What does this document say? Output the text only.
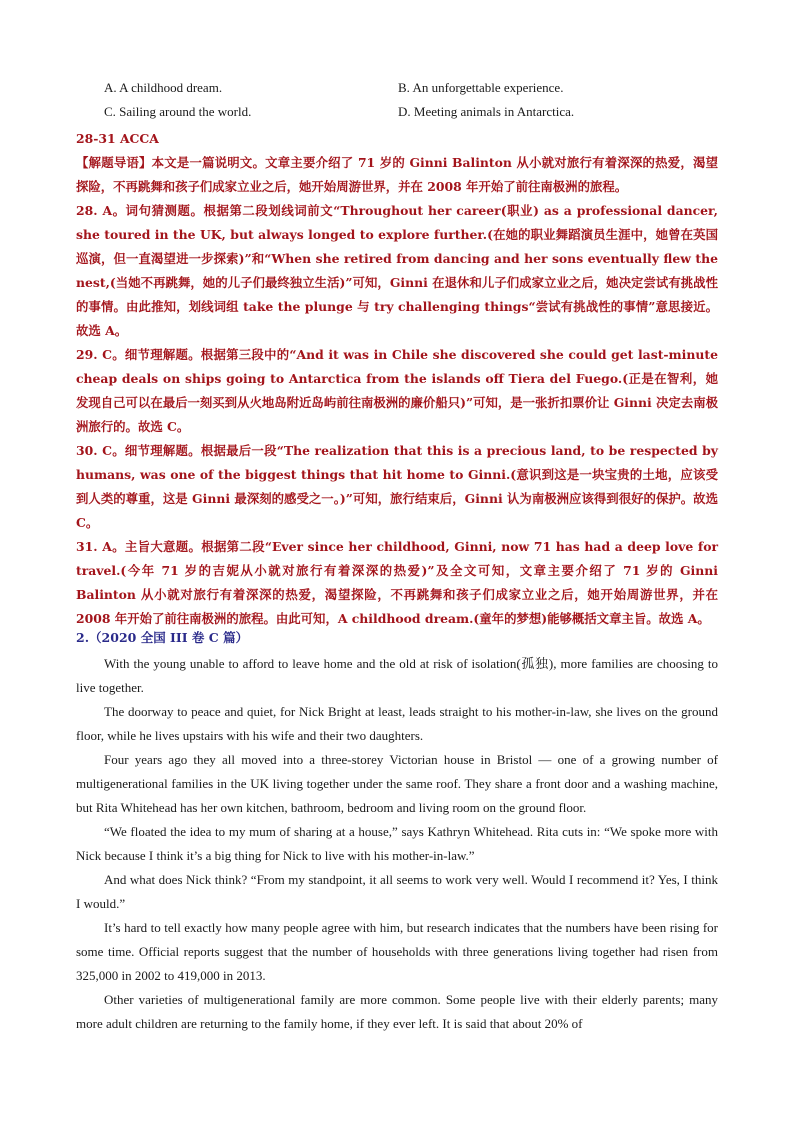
A. A childhood dream.	B. An unforgettable experience.
C. Sailing around the world.	D. Meeting animals in Antarctica.

28-31 ACCA

【解题导语】本文是一篇说明文。文章主要介绍了 71 岁的 Ginni Balinton 从小就对旅行有着深深的热爱，渴望探险，不再跳舞和孩子们成家立业之后，她开始周游世界，并在 2008 年开始了前往南极洲的旅程。

28. A。词句猜测题。根据第二段划线词前文“Throughout her career(职业) as a professional dancer, she toured in the UK, but always longed to explore further.(在她的职业舞蹈演员生涯中，她曾在英国巡演，但一直渴望进一步探索)”和“When she retired from dancing and her sons eventually flew the nest,(当她不再跳舞，她的儿子们最终独立生活)”可知，Ginni 在退休和儿子们成家立业之后，她决定尝试有挑战性的事情。由此推知，划线词组 take the plunge 与 try challenging things“尝试有挑战性的事情”意思接近。故选 A。

29. C。细节理解题。根据第三段中的“And it was in Chile she discovered she could get last-minute cheap deals on ships going to Antarctica from the islands off Tiera del Fuego.(正是在智利，她发现自己可以在最后一刻买到从火地岛附近岛屿前往南极洲的廉价船只)”可知，是一张折扣票价让 Ginni 决定去南极洲旅行的。故选 C。

30. C。细节理解题。根据最后一段“The realization that this is a precious land, to be respected by humans, was one of the biggest things that hit home to Ginni.(意识到这是一块宝贵的土地，应该受到人类的尊重，这是 Ginni 最深刻的感受之一。)”可知，旅行结束后，Ginni 认为南极洲应该得到很好的保护。故选 C。

31. A。主旨大意题。根据第二段“Ever since her childhood, Ginni, now 71 has had a deep love for travel.(今年 71 岁的吉妮从小就对旅行有着深深的热爱)”及全文可知，文章主要介绍了 71 岁的 Ginni Balinton 从小就对旅行有着深深的热爱，渴望探险，不再跳舞和孩子们成家立业之后，她开始周游世界，并在 2008 年开始了前往南极洲的旅程。由此可知，A childhood dream.(童年的梦想)能够概括文章主旨。故选 A。

2.（2020 全国 III 卷 C 篇）

With the young unable to afford to leave home and the old at risk of isolation(孤独), more families are choosing to live together.

The doorway to peace and quiet, for Nick Bright at least, leads straight to his mother-in-law, she lives on the ground floor, while he lives upstairs with his wife and their two daughters.

Four years ago they all moved into a three-storey Victorian house in Bristol — one of a growing number of multigenerational families in the UK living together under the same roof. They share a front door and a washing machine, but Rita Whitehead has her own kitchen, bathroom, bedroom and living room on the ground floor.

“We floated the idea to my mum of sharing at a house,” says Kathryn Whitehead. Rita cuts in: “We spoke more with Nick because I think it’s a big thing for Nick to live with his mother-in-law.”

And what does Nick think? “From my standpoint, it all seems to work very well. Would I recommend it? Yes, I think I would.”

It’s hard to tell exactly how many people agree with him, but research indicates that the numbers have been rising for some time. Official reports suggest that the number of households with three generations living together had risen from 325,000 in 2002 to 419,000 in 2013.

Other varieties of multigenerational family are more common. Some people live with their elderly parents; many more adult children are returning to the family home, if they ever left. It is said that about 20% of
